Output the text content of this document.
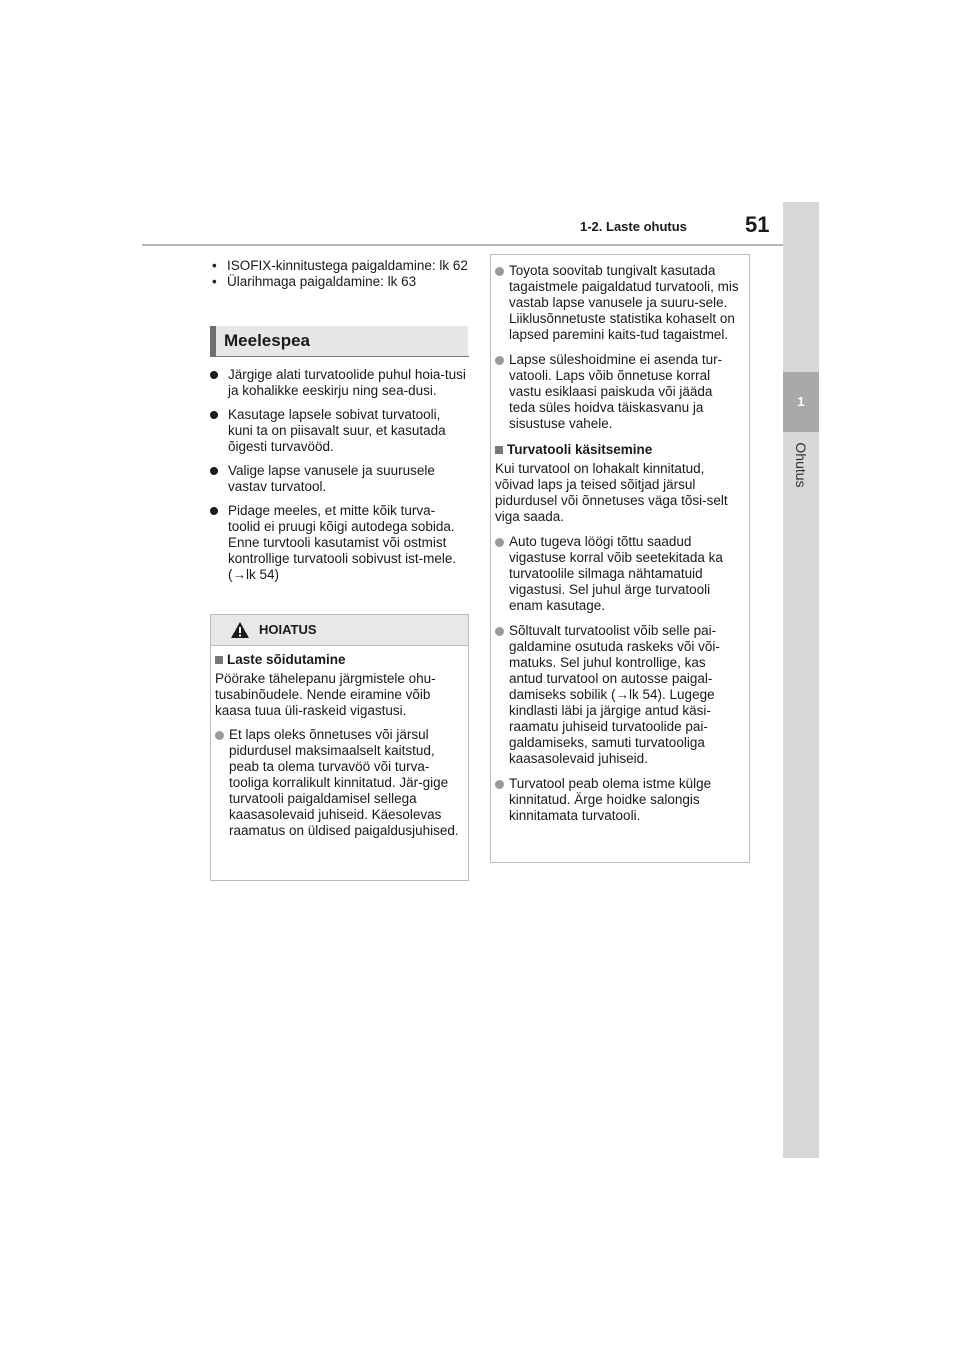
1
Ohutus
1-2. Laste ohutus	51
• ISOFIX-kinnitustega paigaldamine: lk 62
• Ülarihmaga paigaldamine: lk 63
Meelespea
Järgige alati turvatoolide puhul hoia-tusi ja kohalikke eeskirju ning sea-dusi.
Kasutage lapsele sobivat turvatooli, kuni ta on piisavalt suur, et kasutada õigesti turvavööd.
Valige lapse vanusele ja suurusele vastav turvatool.
Pidage meeles, et mitte kõik turva-toolid ei pruugi kõigi autodega sobida. Enne turvtooli kasutamist või ostmist kontrollige turvatooli sobivust ist-mele. (→lk 54)
HOIATUS
Laste sõidutamine

Pöörake tähelepanu järgmistele ohu-tusabinõudele. Nende eiramine võib kaasa tuua üli-raskeid vigastusi.

Et laps oleks õnnetuses või järsul pidurdusel maksimaalselt kaitstud, peab ta olema turvavöö või turva-tooliga korralikult kinnitatud. Jär-gige turvatooli paigaldamisel sellega kaasasolevaid juhiseid. Käesolevas raamatus on üldised paigaldusjuhised.
Toyota soovitab tungivalt kasutada tagaistmele paigaldatud turvatooli, mis vastab lapse vanusele ja suuru-sele. Liiklusõnnetuste statistika kohaselt on lapsed paremini kaits-tud tagaistmel.
Lapse süleshoidmine ei asenda tur-vatooli. Laps võib õnnetuse korral vastu esiklaasi paiskuda või jääda teda süles hoidva täiskasvanu ja sisustuse vahele.
Turvatooli käsitsemine

Kui turvatool on lohakalt kinnitatud, võivad laps ja teised sõitjad järsul pidurdusel või õnnetuses väga tõsi-selt viga saada.

Auto tugeva löögi tõttu saadud vigastuse korral võib seetekitada ka turvatoolile silmaga nähtamatuid vigastusi. Sel juhul ärge turvatooli enam kasutage.
Sõltuvalt turvatoolist võib selle pai-galdamine osutuda raskeks või või-matuks. Sel juhul kontrollige, kas antud turvatool on autosse paigal-damiseks sobilik (→lk 54). Lugege kindlasti läbi ja järgige antud käsi-raamatu juhiseid turvatoolide pai-galdamiseks, samuti turvatooliga kaasasolevaid juhiseid.
Turvatool peab olema istme külge kinnitatud. Ärge hoidke salongis kinnitamata turvatooli.
